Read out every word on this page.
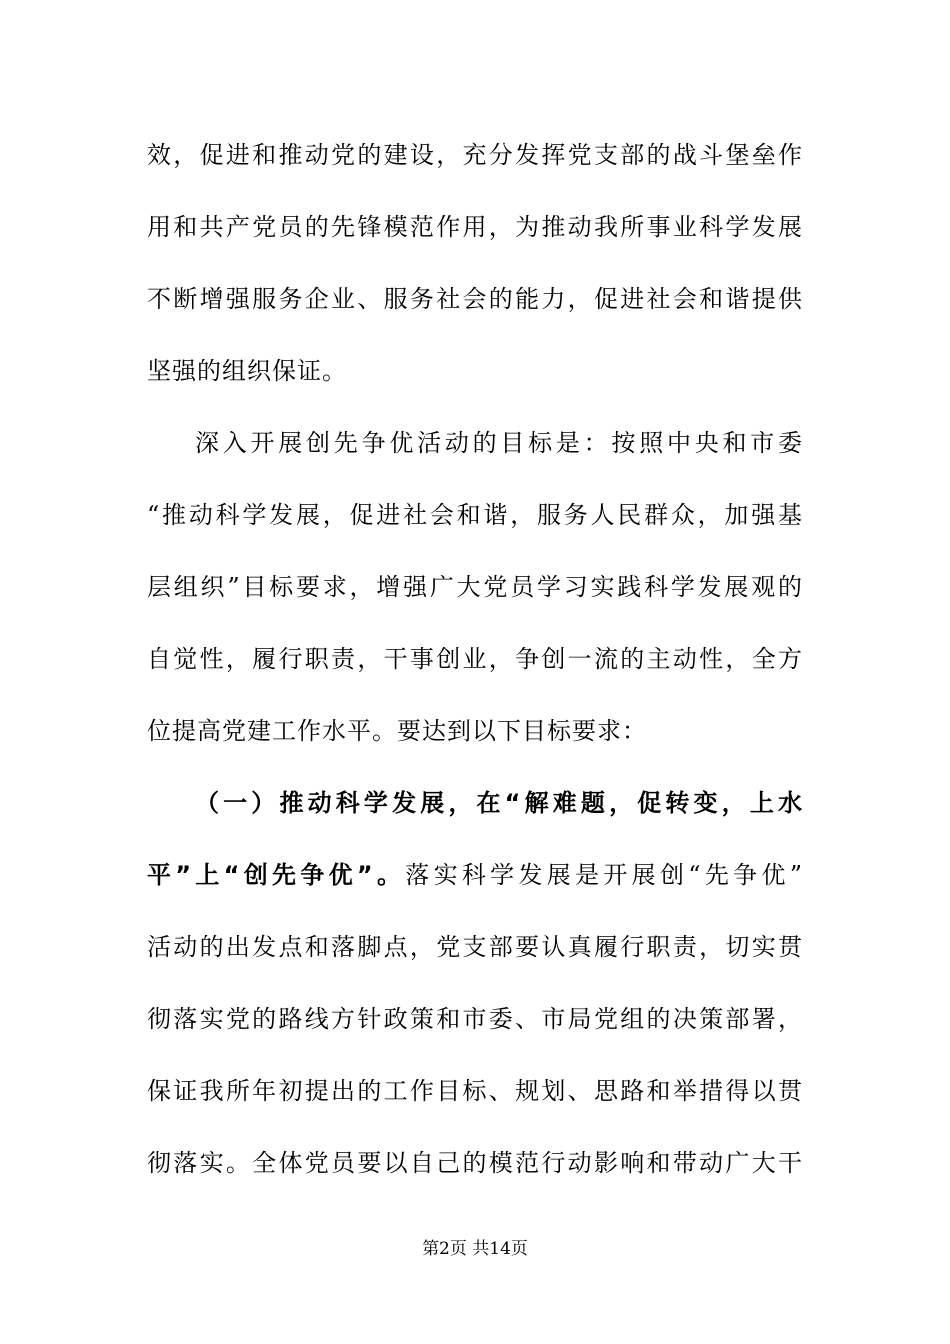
效，促进和推动党的建设，充分发挥党支部的战斗堡垒作
用和共产党员的先锋模范作用，为推动我所事业科学发展
不断增强服务企业、服务社会的能力，促进社会和谐提供
坚强的组织保证。
深入开展创先争优活动的目标是：按照中央和市委
“推动科学发展，促进社会和谐，服务人民群众，加强基
层组织”目标要求，增强广大党员学习实践科学发展观的
自觉性，履行职责，干事创业，争创一流的主动性，全方
位提高党建工作水平。要达到以下目标要求：
（一）推动科学发展，在“解难题，促转变，上水
平”上“创先争优”。落实科学发展是开展创“先争优”
活动的出发点和落脚点，党支部要认真履行职责，切实贯
彻落实党的路线方针政策和市委、市局党组的决策部署，
保证我所年初提出的工作目标、规划、思路和举措得以贯
彻落实。全体党员要以自己的模范行动影响和带动广大干
第2页 共14页
